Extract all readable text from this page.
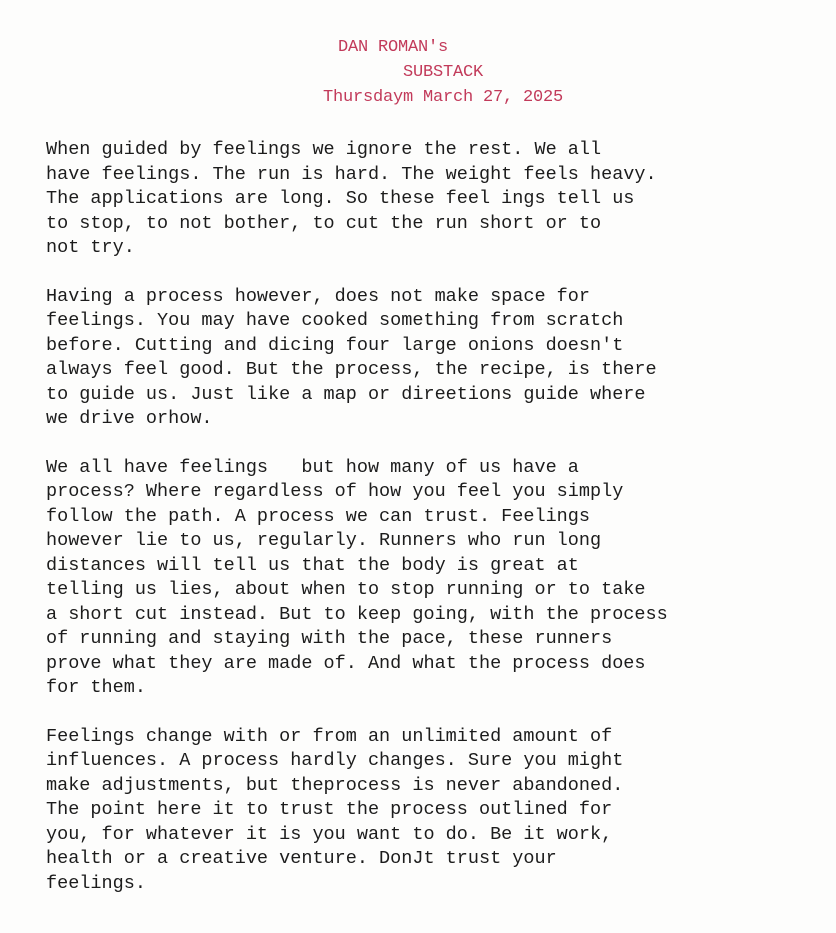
DAN ROMAN's
SUBSTACK
Thursdaym March 27, 2025
When guided by feelings we ignore the rest. We all
have feelings. The run is hard. The weight feels heavy.
The applications are long. So these feel ings tell us
to stop, to not bother, to cut the run short or to
not try.
Having a process however, does not make space for
feelings. You may have cooked something from scratch
before. Cutting and dicing four large onions doesn't
always feel good. But the process, the recipe, is there
to guide us. Just like a map or direetions guide where
we drive orhow.
We all have feelings   but how many of us have a
process? Where regardless of how you feel you simply
follow the path. A process we can trust. Feelings
however lie to us, regularly. Runners who run long
distances will tell us that the body is great at
telling us lies, about when to stop running or to take
a short cut instead. But to keep going, with the process
of running and staying with the pace, these runners
prove what they are made of. And what the process does
for them.
Feelings change with or from an unlimited amount of
influences. A process hardly changes. Sure you might
make adjustments, but theprocess is never abandoned.
The point here it to trust the process outlined for
you, for whatever it is you want to do. Be it work,
health or a creative venture. DonJt trust your
feelings.
